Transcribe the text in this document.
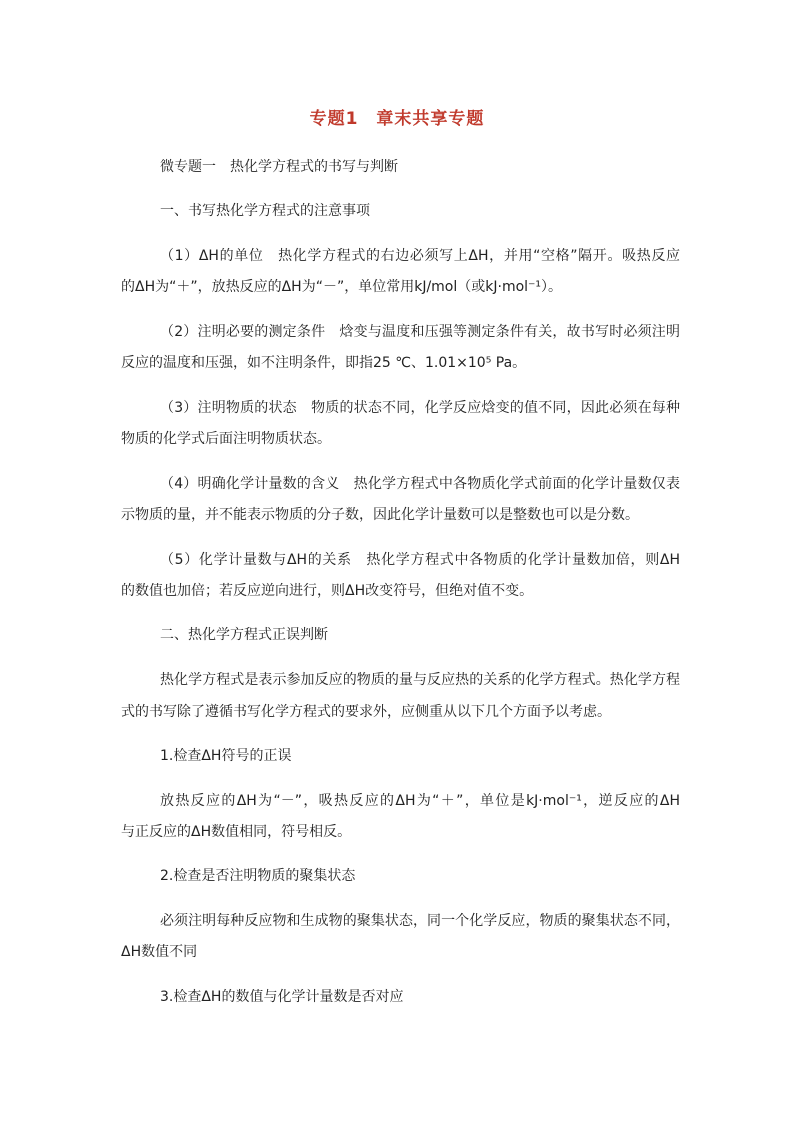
专题1　章末共享专题
微专题一　热化学方程式的书写与判断
一、书写热化学方程式的注意事项
（1）ΔH的单位　热化学方程式的右边必须写上ΔH，并用“空格”隔开。吸热反应
的ΔH为“＋”，放热反应的ΔH为“－”，单位常用kJ/mol（或kJ·mol⁻¹）。
（2）注明必要的测定条件　焓变与温度和压强等测定条件有关，故书写时必须注明
反应的温度和压强，如不注明条件，即指25 ℃、1.01×10⁵ Pa。
（3）注明物质的状态　物质的状态不同，化学反应焓变的值不同，因此必须在每种
物质的化学式后面注明物质状态。
（4）明确化学计量数的含义　热化学方程式中各物质化学式前面的化学计量数仅表
示物质的量，并不能表示物质的分子数，因此化学计量数可以是整数也可以是分数。
（5）化学计量数与ΔH的关系　热化学方程式中各物质的化学计量数加倍，则ΔH
的数值也加倍；若反应逆向进行，则ΔH改变符号，但绝对值不变。
二、热化学方程式正误判断
热化学方程式是表示参加反应的物质的量与反应热的关系的化学方程式。热化学方程
式的书写除了遵循书写化学方程式的要求外，应侧重从以下几个方面予以考虑。
1.检查ΔH符号的正误
放热反应的ΔH为“－”，吸热反应的ΔH为“＋”，单位是kJ·mol⁻¹，逆反应的ΔH
与正反应的ΔH数值相同，符号相反。
2.检查是否注明物质的聚集状态
必须注明每种反应物和生成物的聚集状态，同一个化学反应，物质的聚集状态不同，
ΔH数值不同
3.检查ΔH的数值与化学计量数是否对应
